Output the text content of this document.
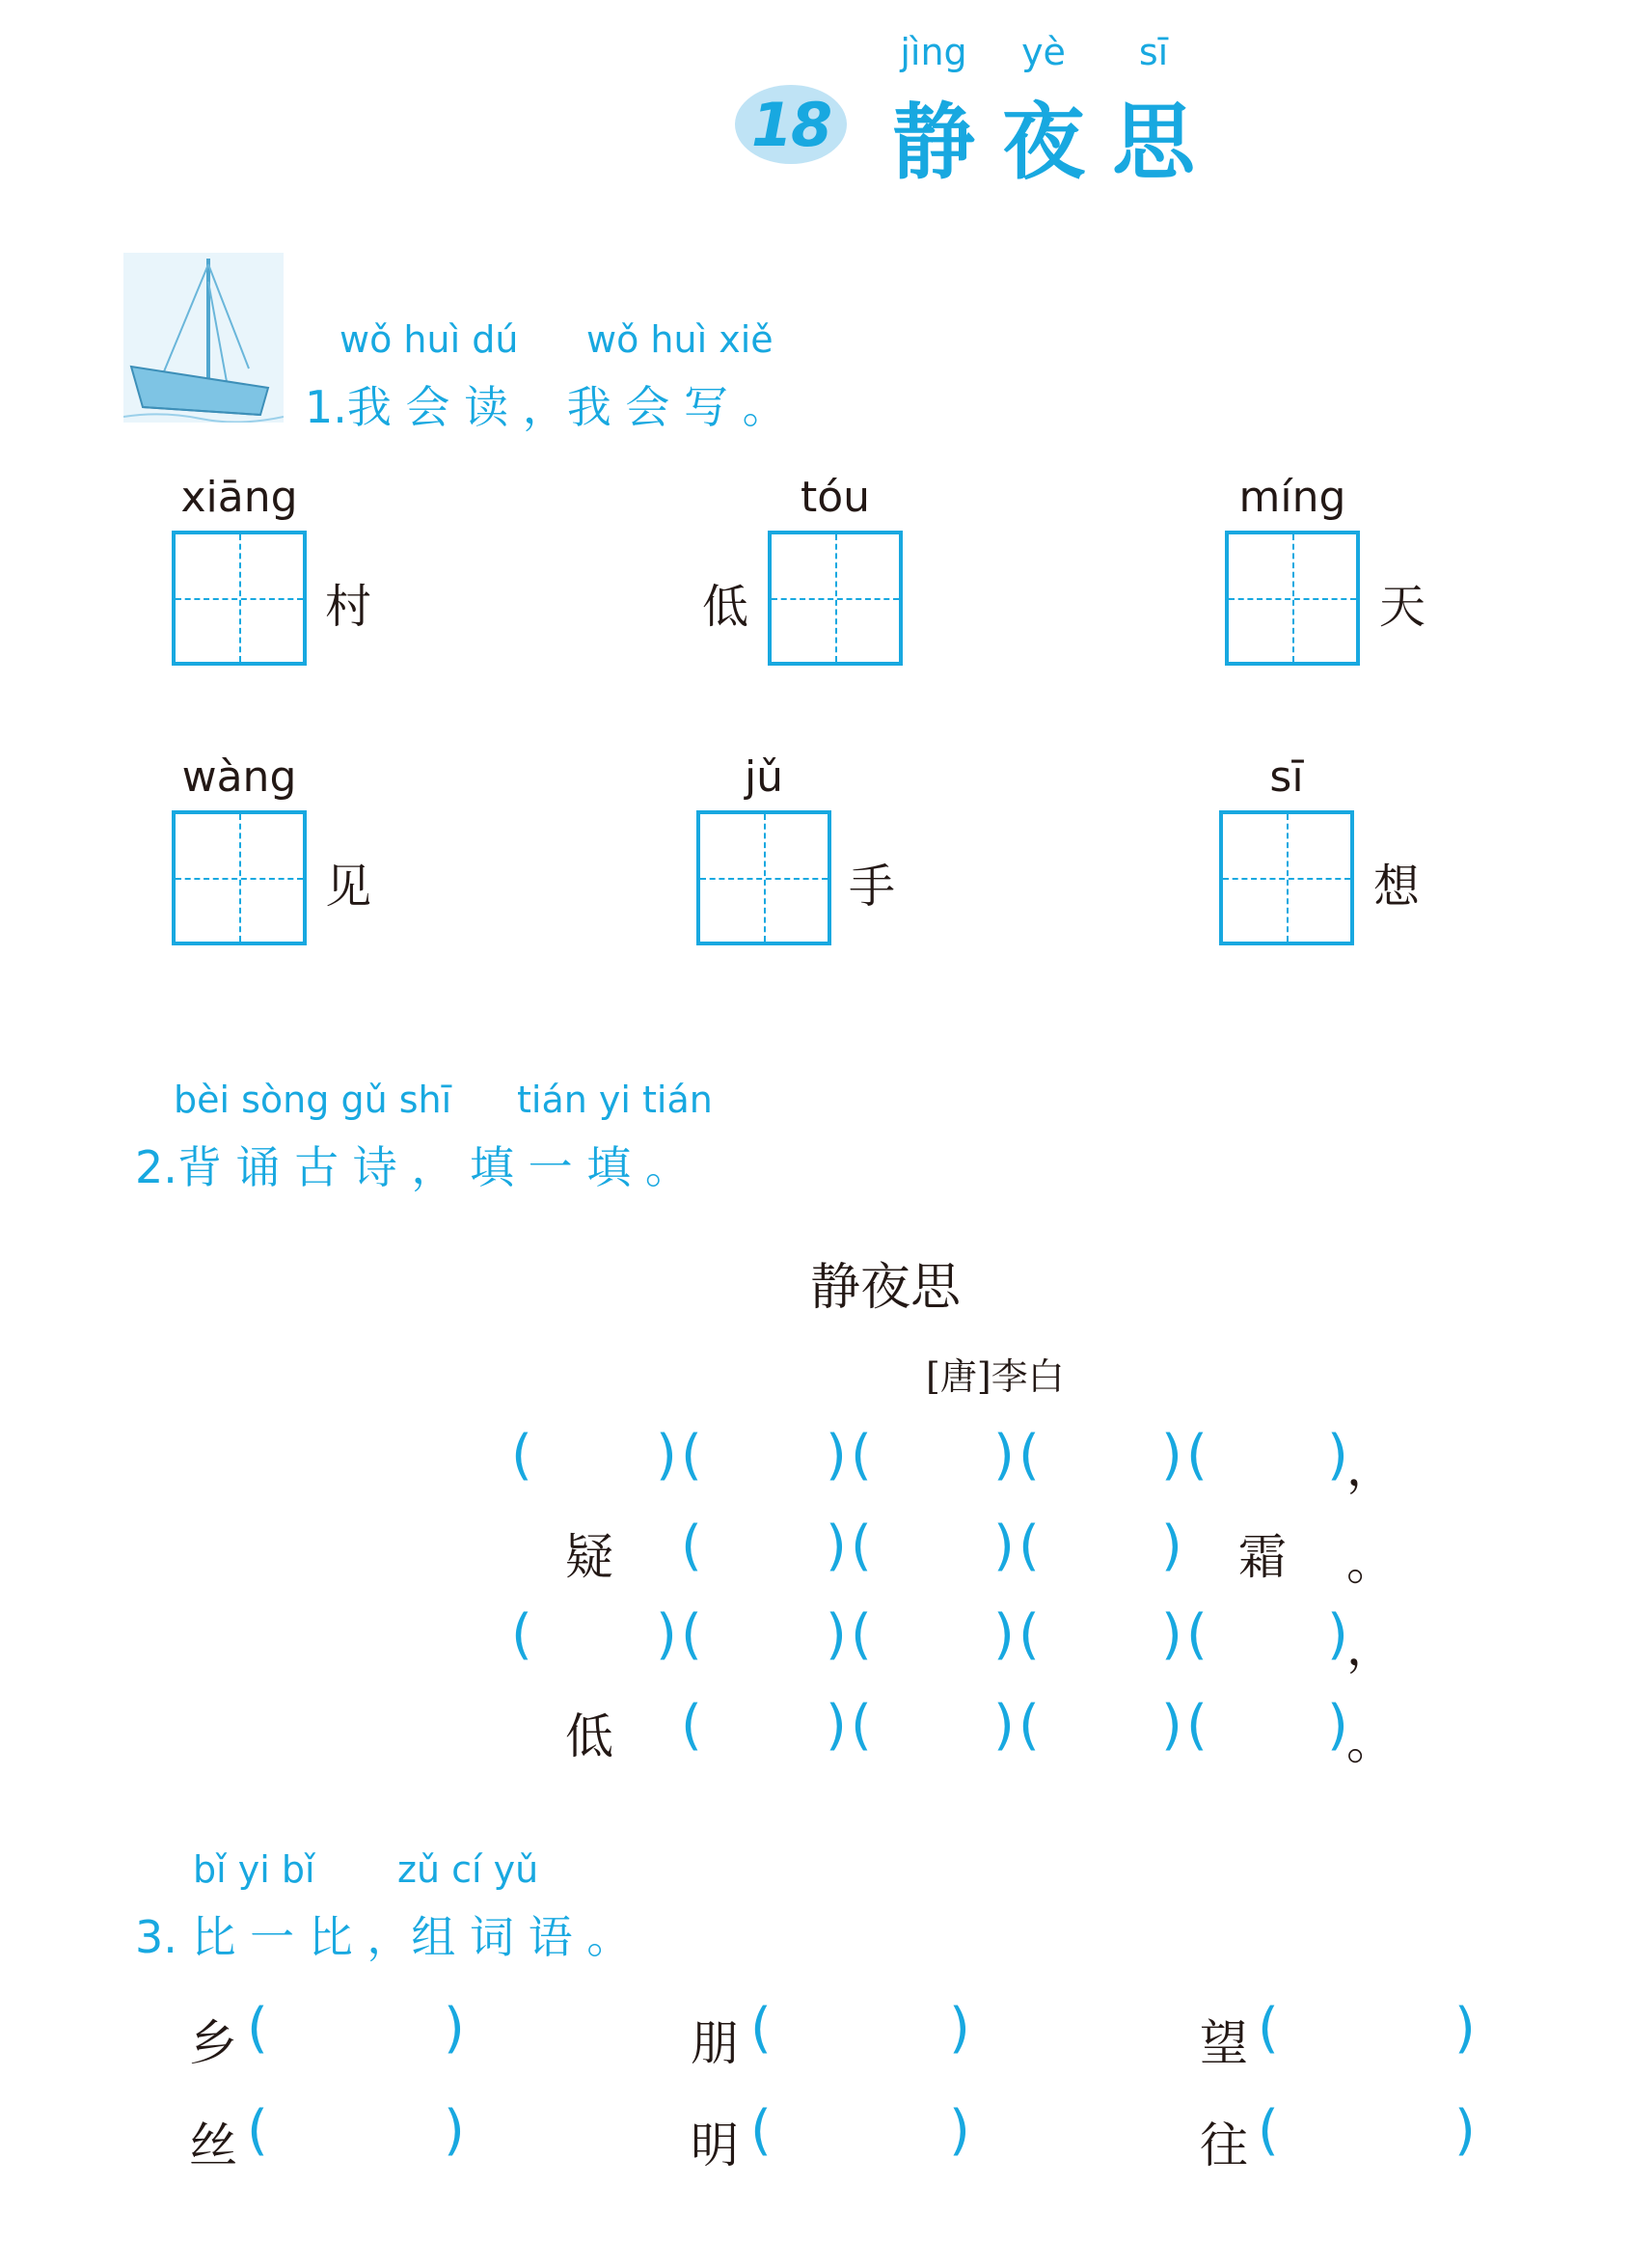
jìng	yè	sī
18 静 夜 思
wǒ huì dú wǒ huì xiě
1.我 会 读 ，我 会 写 。
xiāng
村
tóu
低
míng
天
wàng
见
jǔ
手
sī
想
bèi sòng gǔ shī tián yi tián
2.背 诵 古 诗 ， 填 一 填 。
静夜思
[唐]李白
( ) ( ) ( ) ( ) ( )
，
疑 ( ) ( ) ( ) 霜 。
( ) ( ) ( ) ( ) ( )
，
低 ( ) ( ) ( ) ( )
。
bǐ yi bǐ zǔ cí yǔ
3. 比 一 比 ，组 词 语 。
乡 (	)	朋 (	)	望 (	)
丝 (	)	明 (	)	往 (	)
